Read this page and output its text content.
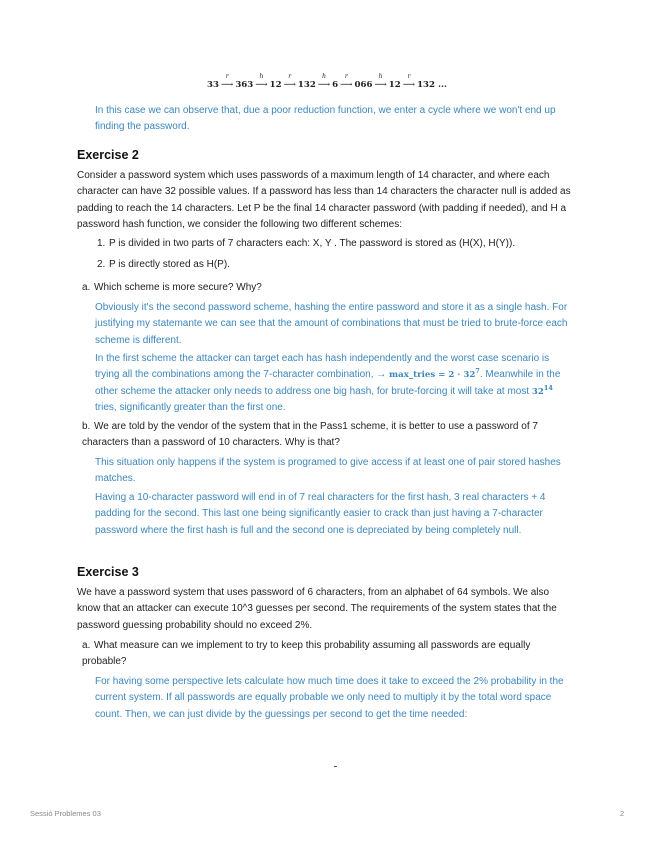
33
r
⟶ 363
h
⟶ 12
r
⟶ 132
h
⟶ 6
r
⟶ 066
h
⟶ 12
r
⟶ 132 ...

In this case we can observe that, due a poor reduction function, we enter a cycle where we won't end up finding the password.

Exercise 2

Consider a password system which uses passwords of a maximum length of 14 character, and where each character can have 32 possible values. If a password has less than 14 characters the character null is added as padding to reach the 14 characters. Let P be the final 14 character password (with padding if needed), and H a password hash function, we consider the following two different schemes:

1. P is divided in two parts of 7 characters each: X, Y . The password is stored as (H(X), H(Y)).

2. P is directly stored as H(P).

a. Which scheme is more secure? Why?

Obviously it's the second password scheme, hashing the entire password and store it as a single hash. For justifying my statemante we can see that the amount of combinations that must be tried to brute-force each scheme is different.

In the first scheme the attacker can target each has hash independently and the worst case scenario is trying all the combinations among the 7-character combination, → max_tries = $2 \cdot 32^7$. Meanwhile in the other scheme the attacker only needs to address one big hash, for brute-forcing it will take at most $32^{14}$ tries, significantly greater than the first one.

b. We are told by the vendor of the system that in the Pass1 scheme, it is better to use a password of 7 characters than a password of 10 characters. Why is that?

This situation only happens if the system is programed to give access if at least one of pair stored hashes matches.

Having a 10-character password will end in of 7 real characters for the first hash, 3 real characters + 4 padding for the second. This last one being significantly easier to crack than just having a 7-character password where the first hash is full and the second one is depreciated by being completely null.

Exercise 3

We have a password system that uses password of 6 characters, from an alphabet of 64 symbols. We also know that an attacker can execute 10^3 guesses per second. The requirements of the system states that the password guessing probability should no exceed 2%.

a. What measure can we implement to try to keep this probability assuming all passwords are equally probable?

For having some perspective lets calculate how much time does it take to exceed the 2% probability in the current system. If all passwords are equally probable we only need to multiply it by the total word space count. Then, we can just divide by the guessings per second to get the time needed:

Sessió Problemes 03	2
